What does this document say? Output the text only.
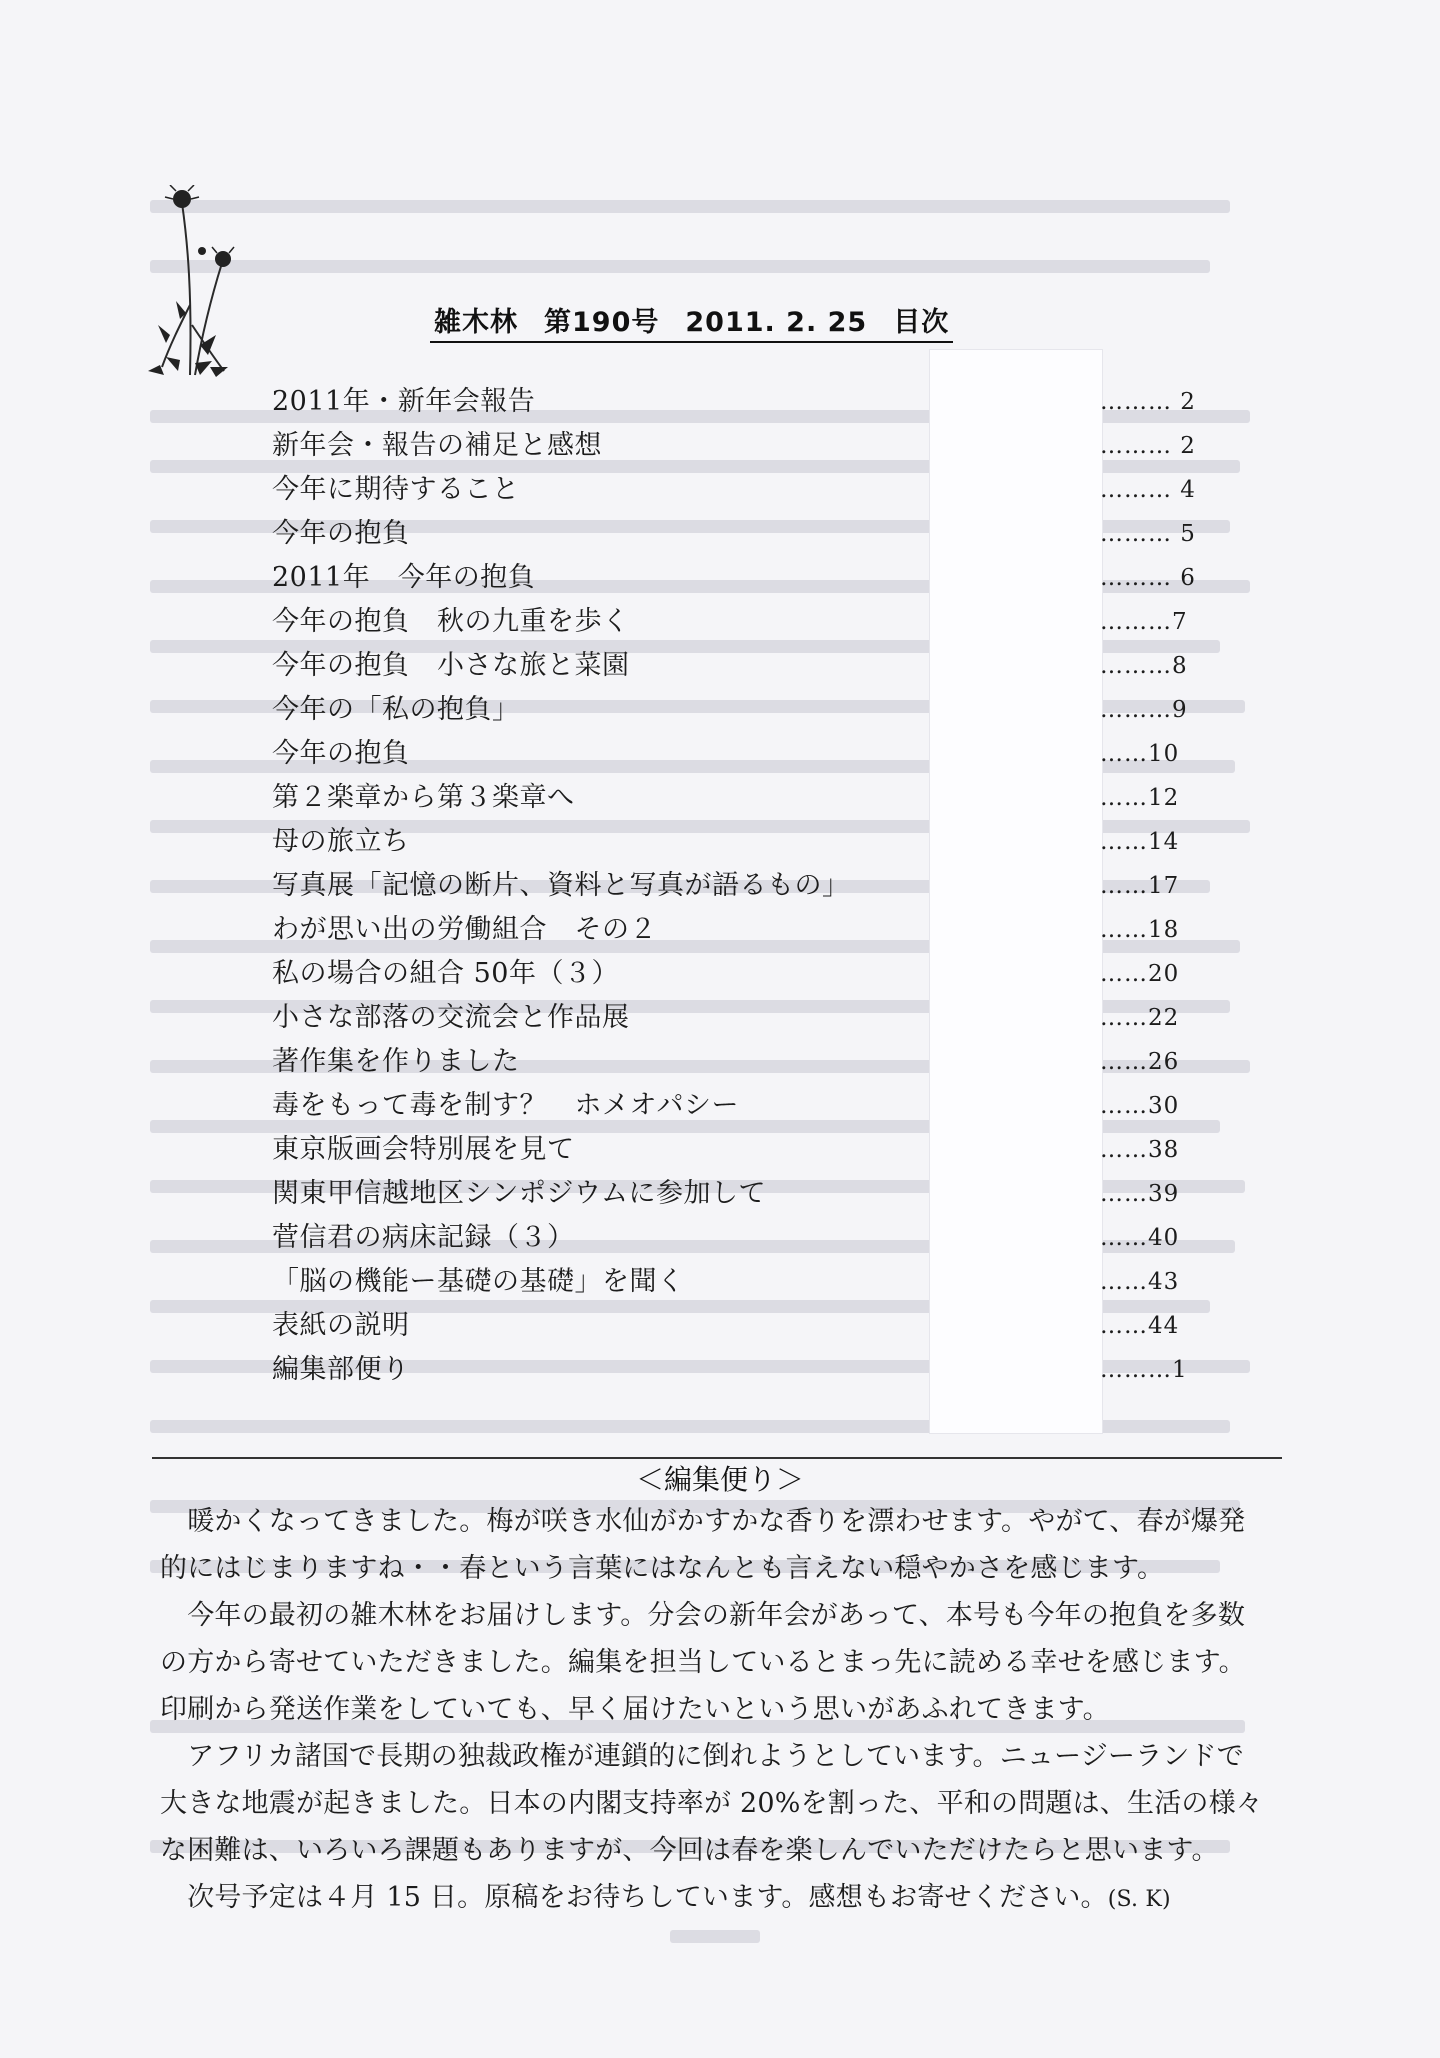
雑木林 第190号 2011. 2. 25 目次
2011年・新年会報告	……… 2
新年会・報告の補足と感想	……… 2
今年に期待すること	……… 4
今年の抱負	……… 5
2011年　今年の抱負	……… 6
今年の抱負　秋の九重を歩く	………7
今年の抱負　小さな旅と菜園	………8
今年の「私の抱負」	………9
今年の抱負	……10
第２楽章から第３楽章へ	……12
母の旅立ち	……14
写真展「記憶の断片、資料と写真が語るもの」	……17
わが思い出の労働組合　その２	……18
私の場合の組合 50年（３）	……20
小さな部落の交流会と作品展	……22
著作集を作りました	……26
毒をもって毒を制す？　ホメオパシー	……30
東京版画会特別展を見て	……38
関東甲信越地区シンポジウムに参加して	……39
菅信君の病床記録（３）	……40
「脳の機能ー基礎の基礎」を聞く	……43
表紙の説明	……44
編集部便り	………1
＜編集便り＞

　暖かくなってきました。梅が咲き水仙がかすかな香りを漂わせます。やがて、春が爆発

的にはじまりますね・・春という言葉にはなんとも言えない穏やかさを感じます。

　今年の最初の雑木林をお届けします。分会の新年会があって、本号も今年の抱負を多数

の方から寄せていただきました。編集を担当しているとまっ先に読める幸せを感じます。

印刷から発送作業をしていても、早く届けたいという思いがあふれてきます。

　アフリカ諸国で長期の独裁政権が連鎖的に倒れようとしています。ニュージーランドで

大きな地震が起きました。日本の内閣支持率が 20%を割った、平和の問題は、生活の様々

な困難は、いろいろ課題もありますが、今回は春を楽しんでいただけたらと思います。

　次号予定は４月 15 日。原稿をお待ちしています。感想もお寄せください。(S. K)
